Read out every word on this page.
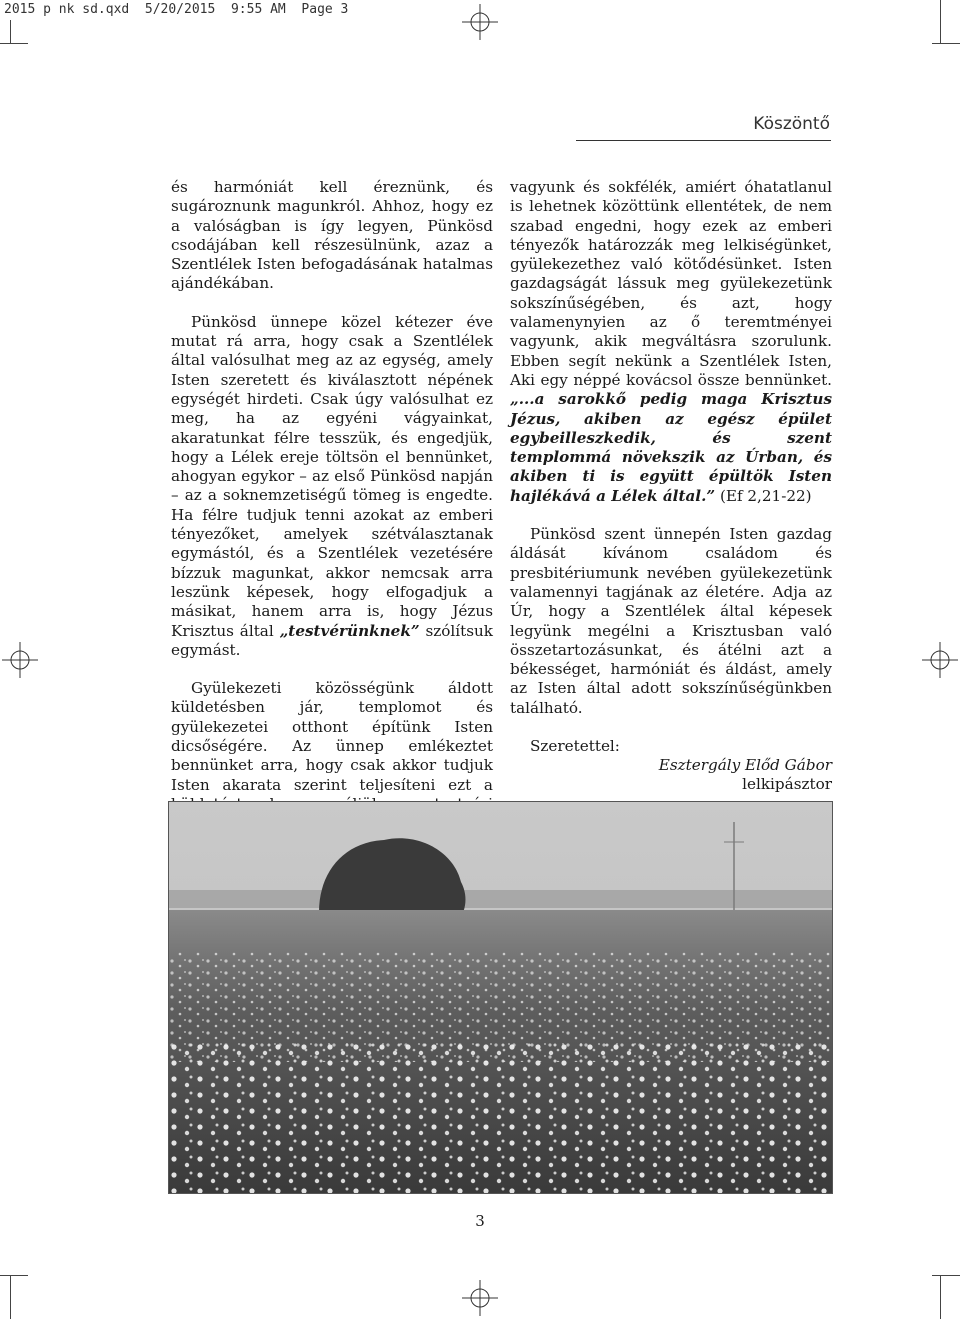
2015 p nk sd.qxd  5/20/2015  9:55 AM  Page 3
Köszöntő

és harmóniát kell éreznünk, és sugároznunk magunkról. Ahhoz, hogy ez a valóságban is így legyen, Pünkösd csodájában kell részesülnünk, azaz a Szentlélek Isten befogadásának hatalmas ajándékában.

Pünkösd ünnepe közel kétezer éve mutat rá arra, hogy csak a Szentlélek által valósulhat meg az az egység, amely Isten szeretett és kiválasztott népének egységét hirdeti. Csak úgy valósulhat ez meg, ha az egyéni vágyainkat, akaratunkat félre tesszük, és engedjük, hogy a Lélek ereje töltsön el bennünket, ahogyan egykor – az első Pünkösd napján – az a soknemzetiségű tömeg is engedte. Ha félre tudjuk tenni azokat az emberi tényezőket, amelyek szétválasztanak egymástól, és a Szentlélek vezetésére bízzuk magunkat, akkor nemcsak arra leszünk képesek, hogy elfogadjuk a másikat, hanem arra is, hogy Jézus Krisztus által „testvérünknek” szólítsuk egymást.

Gyülekezeti közösségünk áldott küldetésben jár, templomot és gyülekezetei otthont építünk Isten dicsőségére. Az ünnep emlékeztet bennünket arra, hogy csak akkor tudjuk Isten akarata szerint teljesíteni ezt a

vagyunk és sokfélék, amiért óhatatlanul is lehetnek közöttünk ellentétek, de nem szabad engedni, hogy ezek az emberi tényezők határozzák meg lelkiségünket, gyülekezethez való kötődésünket. Isten gazdagságát lássuk meg gyülekezetünk sokszínűségében, és azt, hogy valamenynyien az ő teremtményei vagyunk, akik megváltásra szorulunk. Ebben segít nekünk a Szentlélek Isten, Aki egy néppé kovácsol össze bennünket. „...a sarokkő pedig maga Krisztus Jézus, akiben az egész épület egybeilleszkedik, és szent templommá növekszik az Úrban, és akiben ti is együtt épültök Isten hajlékává a Lélek által.” (Ef 2,21-22)

Pünkösd szent ünnepén Isten gazdag áldását kívánom családom és presbitériumunk nevében gyülekezetünk valamennyi tagjának az életére. Adja az Úr, hogy a Szentlélek által képesek legyünk megélni a Krisztusban való összetartozásunkat, és átélni azt a békességet, harmóniát és áldást, amely az Isten által adott sokszínűségünkben található.

Szeretettel:
Esztergály Előd Gábor
lelkipásztor
3
